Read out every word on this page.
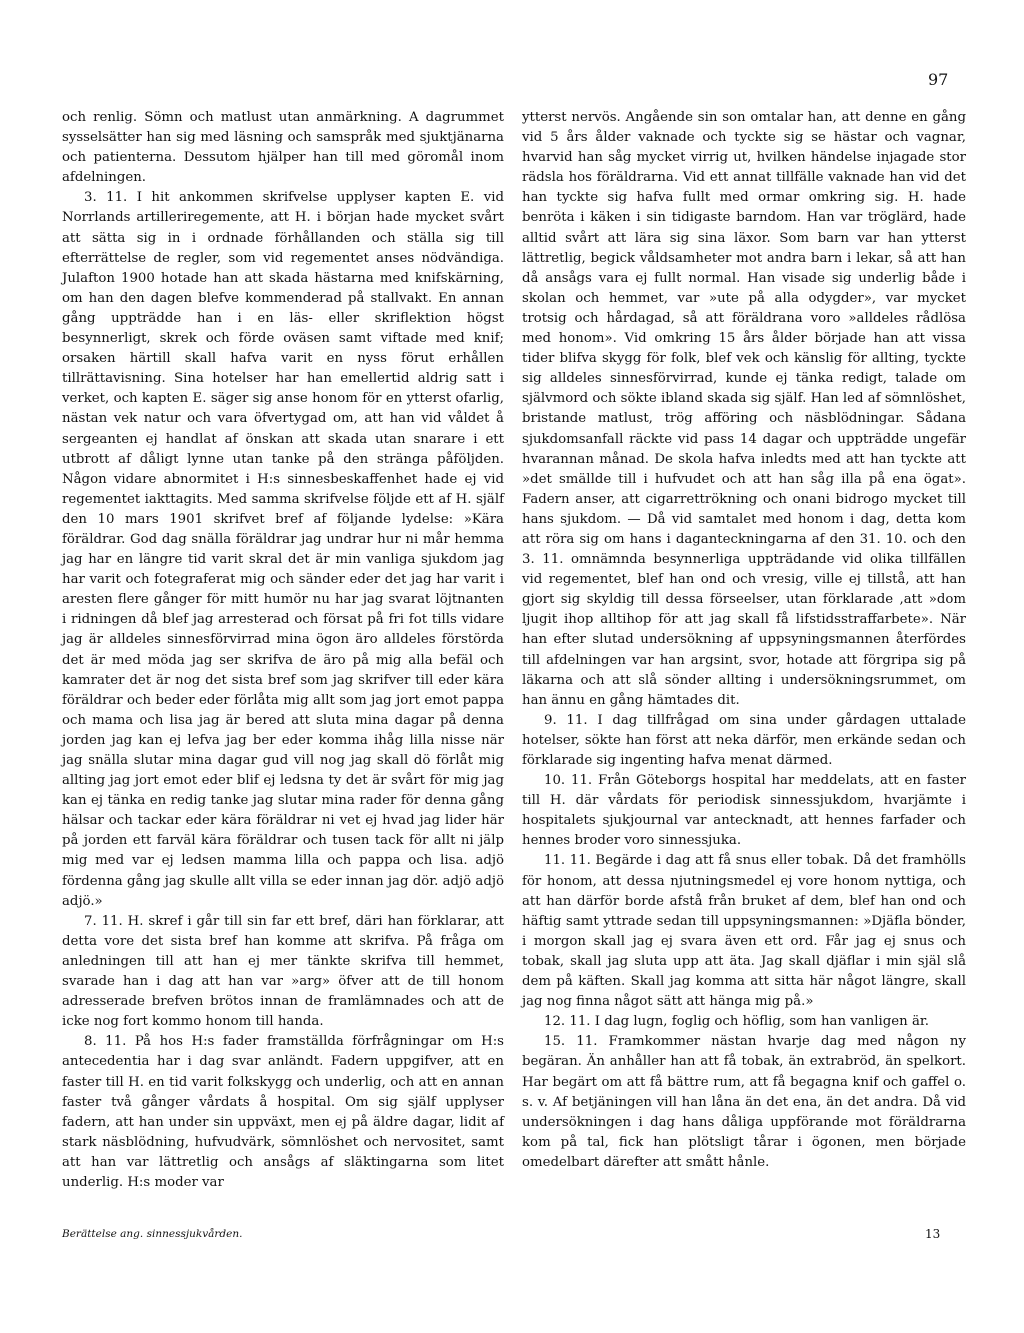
97

och renlig. Sömn och matlust utan anmärkning. A dagrummet sysselsätter han sig med läsning och samspråk med sjuktjänarna och patienterna. Dessutom hjälper han till med göromål inom afdelningen.

3. 11. I hit ankommen skrifvelse upplyser kapten E. vid Norrlands artilleriregemente, att H. i början hade mycket svårt att sätta sig in i ordnade förhållanden och ställa sig till efterrättelse de regler, som vid regementet anses nödvändiga. Julafton 1900 hotade han att skada hästarna med knifskärning, om han den dagen blefve kommenderad på stallvakt. En annan gång uppträdde han i en läs- eller skriflektion högst besynnerligt, skrek och förde oväsen samt viftade med knif; orsaken härtill skall hafva varit en nyss förut erhållen tillrättavisning. Sina hotelser har han emellertid aldrig satt i verket, och kapten E. säger sig anse honom för en ytterst ofarlig, nästan vek natur och vara öfvertygad om, att han vid våldet å sergeanten ej handlat af önskan att skada utan snarare i ett utbrott af dåligt lynne utan tanke på den stränga påföljden. Någon vidare abnormitet i H:s sinnesbeskaffenhet hade ej vid regementet iakttagits. Med samma skrifvelse följde ett af H. själf den 10 mars 1901 skrifvet bref af följande lydelse: »Kära föräldrar. God dag snälla föräldrar jag undrar hur ni mår hemma jag har en längre tid varit skral det är min vanliga sjukdom jag har varit och fotegraferat mig och sänder eder det jag har varit i aresten flere gånger för mitt humör nu har jag svarat löjtnanten i ridningen då blef jag arresterad och försat på fri fot tills vidare jag är alldeles sinnesförvirrad mina ögon äro alldeles förstörda det är med möda jag ser skrifva de äro på mig alla befäl och kamrater det är nog det sista bref som jag skrifver till eder kära föräldrar och beder eder förlåta mig allt som jag jort emot pappa och mama och lisa jag är bered att sluta mina dagar på denna jorden jag kan ej lefva jag ber eder komma ihåg lilla nisse när jag snälla slutar mina dagar gud vill nog jag skall dö förlåt mig allting jag jort emot eder blif ej ledsna ty det är svårt för mig jag kan ej tänka en redig tanke jag slutar mina rader för denna gång hälsar och tackar eder kära föräldrar ni vet ej hvad jag lider här på jorden ett farväl kära föräldrar och tusen tack för allt ni jälp mig med var ej ledsen mamma lilla och pappa och lisa. adjö fördenna gång jag skulle allt villa se eder innan jag dör. adjö adjö adjö.»

7. 11. H. skref i går till sin far ett bref, däri han förklarar, att detta vore det sista bref han komme att skrifva. På fråga om anledningen till att han ej mer tänkte skrifva till hemmet, svarade han i dag att han var »arg» öfver att de till honom adresserade brefven brötos innan de framlämnades och att de icke nog fort kommo honom till handa.

8. 11. På hos H:s fader framställda förfrågningar om H:s antecedentia har i dag svar anländt. Fadern uppgifver, att en faster till H. en tid varit folkskygg och underlig, och att en annan faster två gånger vårdats å hospital. Om sig själf upplyser fadern, att han under sin uppväxt, men ej på äldre dagar, lidit af stark näsblödning, hufvudvärk, sömnlöshet och nervositet, samt att han var lättretlig och ansågs af släktingarna som litet underlig. H:s moder var

ytterst nervös. Angående sin son omtalar han, att denne en gång vid 5 års ålder vaknade och tyckte sig se hästar och vagnar, hvarvid han såg mycket virrig ut, hvilken händelse injagade stor rädsla hos föräldrarna. Vid ett annat tillfälle vaknade han vid det han tyckte sig hafva fullt med ormar omkring sig. H. hade benröta i käken i sin tidigaste barndom. Han var tröglärd, hade alltid svårt att lära sig sina läxor. Som barn var han ytterst lättretlig, begick våldsamheter mot andra barn i lekar, så att han då ansågs vara ej fullt normal. Han visade sig underlig både i skolan och hemmet, var »ute på alla odygder», var mycket trotsig och hårdagad, så att föräldrana voro »alldeles rådlösa med honom». Vid omkring 15 års ålder började han att vissa tider blifva skygg för folk, blef vek och känslig för allting, tyckte sig alldeles sinnesförvirrad, kunde ej tänka redigt, talade om självmord och sökte ibland skada sig själf. Han led af sömnlöshet, bristande matlust, trög afföring och näsblödningar. Sådana sjukdomsanfall räckte vid pass 14 dagar och uppträdde ungefär hvarannan månad. De skola hafva inledts med att han tyckte att »det smällde till i hufvudet och att han såg illa på ena ögat». Fadern anser, att cigarrettrökning och onani bidrogo mycket till hans sjukdom. — Då vid samtalet med honom i dag, detta kom att röra sig om hans i daganteckningarna af den 31. 10. och den 3. 11. omnämnda besynnerliga uppträdande vid olika tillfällen vid regementet, blef han ond och vresig, ville ej tillstå, att han gjort sig skyldig till dessa förseelser, utan förklarade ,att »dom ljugit ihop alltihop för att jag skall få lifstidsstraffarbete». När han efter slutad undersökning af uppsyningsmannen återfördes till afdelningen var han argsint, svor, hotade att förgripa sig på läkarna och att slå sönder allting i undersökningsrummet, om han ännu en gång hämtades dit.

9. 11. I dag tillfrågad om sina under gårdagen uttalade hotelser, sökte han först att neka därför, men erkände sedan och förklarade sig ingenting hafva menat därmed.

10. 11. Från Göteborgs hospital har meddelats, att en faster till H. där vårdats för periodisk sinnessjukdom, hvarjämte i hospitalets sjukjournal var antecknadt, att hennes farfader och hennes broder voro sinnessjuka.

11. 11. Begärde i dag att få snus eller tobak. Då det framhölls för honom, att dessa njutningsmedel ej vore honom nyttiga, och att han därför borde afstå från bruket af dem, blef han ond och häftig samt yttrade sedan till uppsyningsmannen: »Djäfla bönder, i morgon skall jag ej svara även ett ord. Får jag ej snus och tobak, skall jag sluta upp att äta. Jag skall djäflar i min själ slå dem på käften. Skall jag komma att sitta här något längre, skall jag nog finna något sätt att hänga mig på.»

12. 11. I dag lugn, foglig och höflig, som han vanligen är.

15. 11. Framkommer nästan hvarje dag med någon ny begäran. Än anhåller han att få tobak, än extrabröd, än spelkort. Har begärt om att få bättre rum, att få begagna knif och gaffel o. s. v. Af betjäningen vill han låna än det ena, än det andra. Då vid undersökningen i dag hans dåliga uppförande mot föräldrarna kom på tal, fick han plötsligt tårar i ögonen, men började omedelbart därefter att smått hånle.

Berättelse ang. sinnessjukvården.	13
